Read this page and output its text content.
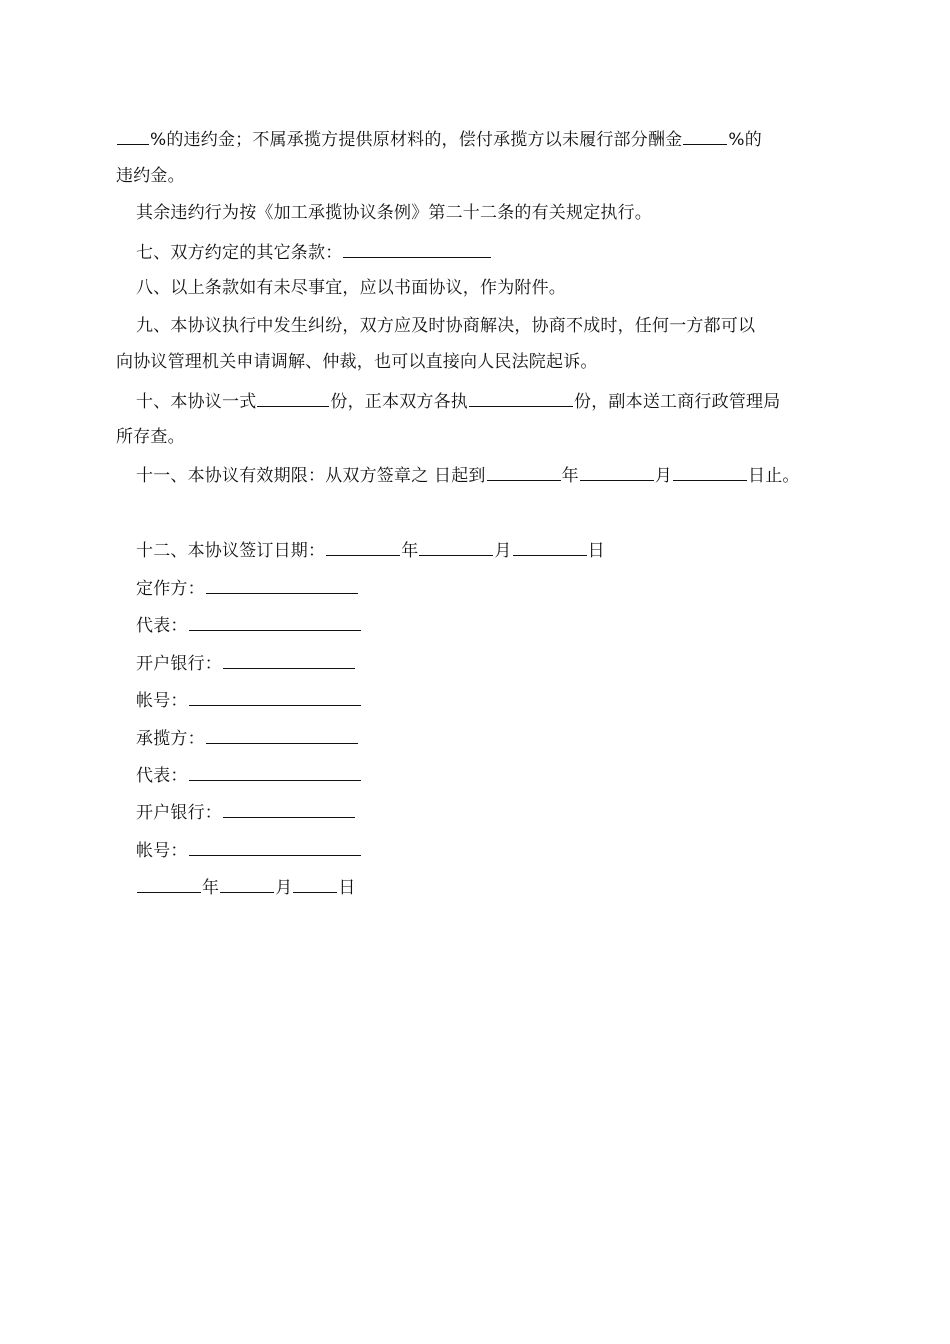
%的违约金；不属承揽方提供原材料的，偿付承揽方以未履行部分酬金	%的
违约金。
其余违约行为按《加工承揽协议条例》第二十二条的有关规定执行。
七、双方约定的其它条款：
八、以上条款如有未尽事宜，应以书面协议，作为附件。
九、本协议执行中发生纠纷，双方应及时协商解决，协商不成时，任何一方都可以
向协议管理机关申请调解、仲裁，也可以直接向人民法院起诉。
十、本协议一式	份，正本双方各执	份，副本送工商行政管理局
所存查。
十一、本协议有效期限：从双方签章之 日起到	年	月	日止。
十二、本协议签订日期：	年	月	日
定作方：
代表：
开户银行：
帐号：
承揽方：
代表：
开户银行：
帐号：
年	月	日
